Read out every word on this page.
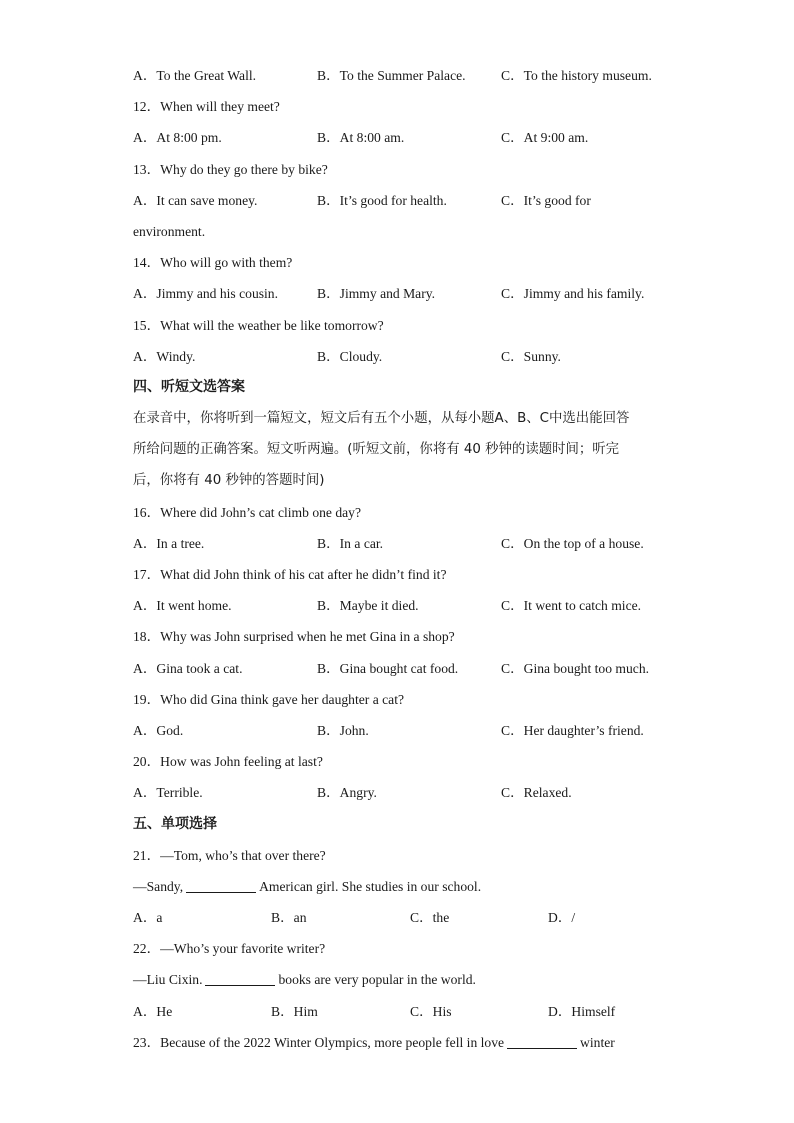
A．To the Great Wall.	B．To the Summer Palace.	C．To the history museum.
12．When will they meet?
A．At 8:00 pm.	B．At 8:00 am.	C．At 9:00 am.
13．Why do they go there by bike?
A．It can save money.	B．It’s good for health.	C．It’s good for
environment.
14．Who will go with them?
A．Jimmy and his cousin.	B．Jimmy and Mary.	C．Jimmy and his family.
15．What will the weather be like tomorrow?
A．Windy.	B．Cloudy.	C．Sunny.
四、听短文选答案
在录音中，你将听到一篇短文，短文后有五个小题，从每小题A、B、C中选出能回答
所给问题的正确答案。短文听两遍。(听短文前，你将有 40 秒钟的读题时间；听完
后，你将有 40 秒钟的答题时间)
16．Where did John’s cat climb one day?
A．In a tree.	B．In a car.	C．On the top of a house.
17．What did John think of his cat after he didn’t find it?
A．It went home.	B．Maybe it died.	C．It went to catch mice.
18．Why was John surprised when he met Gina in a shop?
A．Gina took a cat.	B．Gina bought cat food.	C．Gina bought too much.
19．Who did Gina think gave her daughter a cat?
A．God.	B．John.	C．Her daughter’s friend.
20．How was John feeling at last?
A．Terrible.	B．Angry.	C．Relaxed.
五、单项选择
21．—Tom, who’s that over there?
—Sandy,	American girl. She studies in our school.
A．a	B．an	C．the	D．/
22．—Who’s your favorite writer?
—Liu Cixin.	books are very popular in the world.
A．He	B．Him	C．His	D．Himself
23．Because of the 2022 Winter Olympics, more people fell in love	winter
